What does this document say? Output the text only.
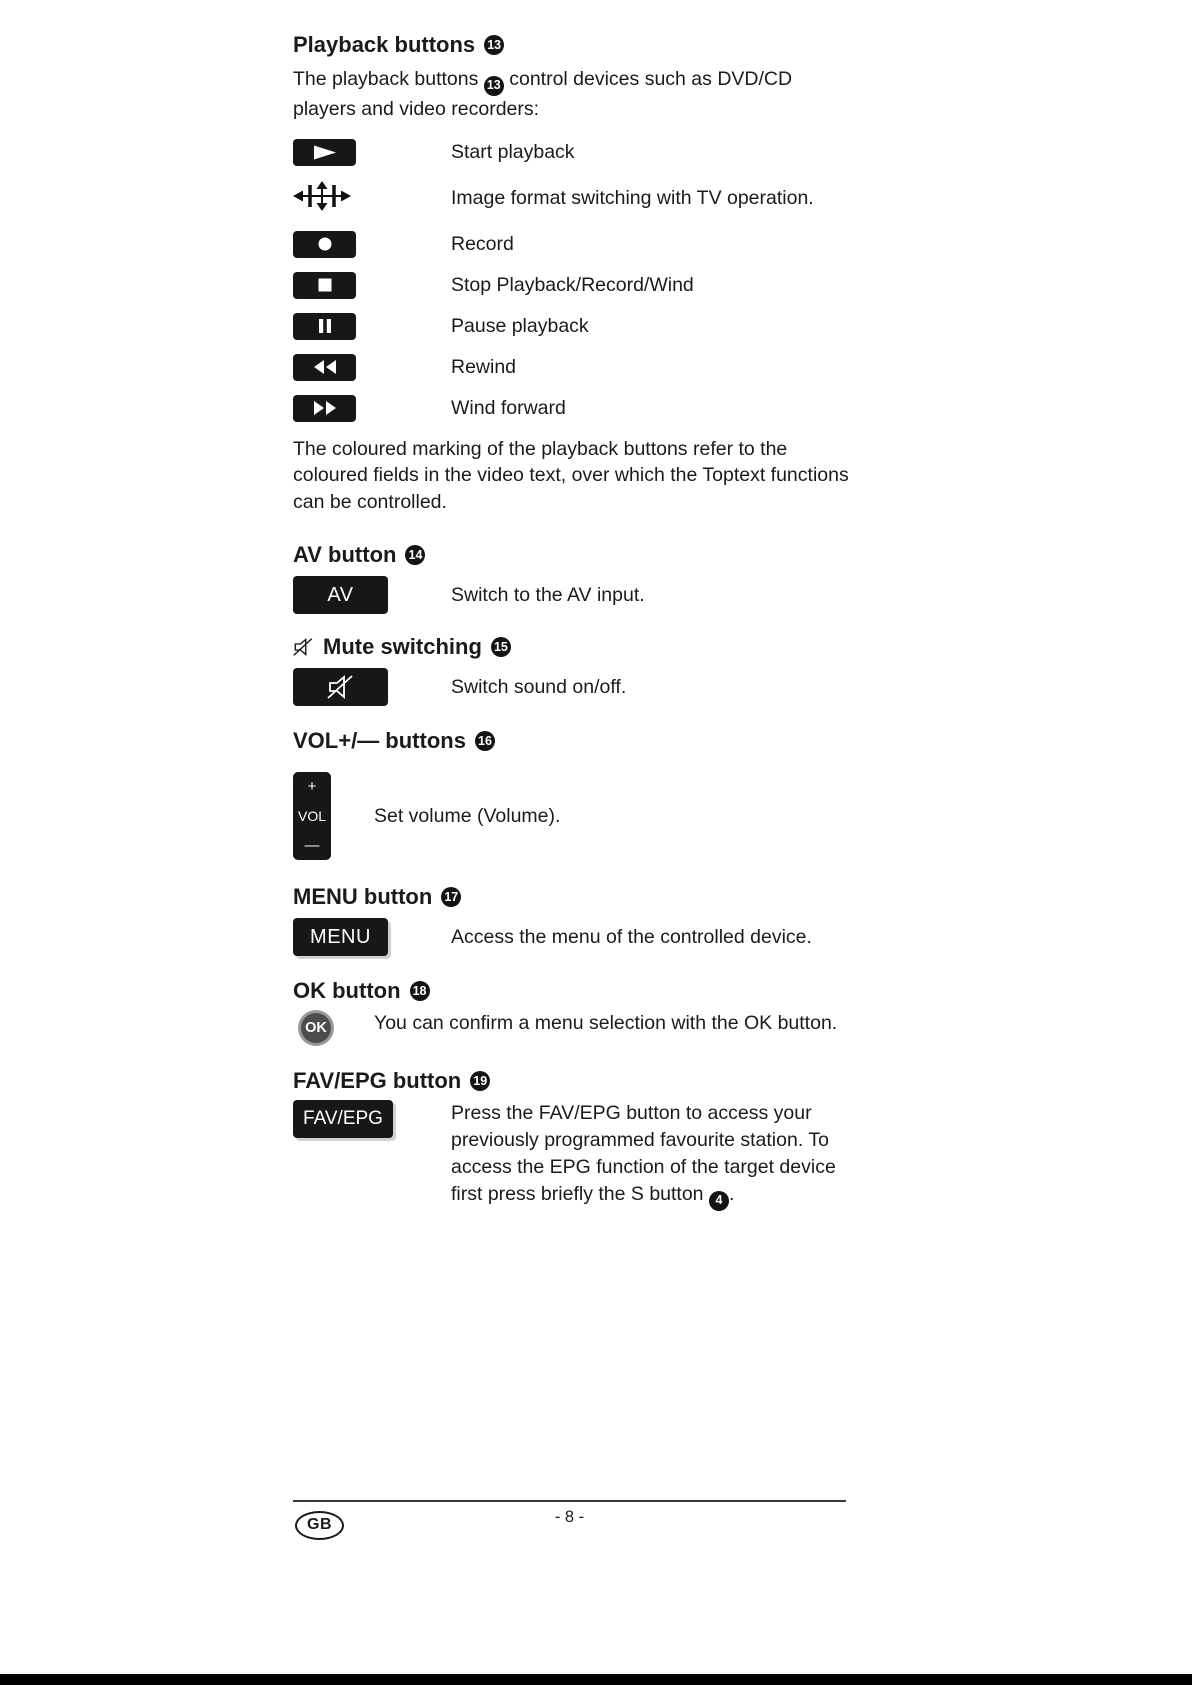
Playback buttons 13

The playback buttons 13 control devices such as DVD/CD players and video recorders:

Start playback
Image format switching with TV operation.
Record
Stop Playback/Record/Wind
Pause playback
Rewind
Wind forward

The coloured marking of the playback buttons refer to the coloured fields in the video text, over which the Toptext functions can be controlled.

AV button 14
AV	Switch to the AV input.
Mute switching 15
Switch sound on/off.
VOL+/— buttons 16
+
VOL
—
Set volume (Volume).
MENU button 17
MENU	Access the menu of the controlled device.
OK button 18
OK	You can confirm a menu selection with the OK button.
FAV/EPG button 19
FAV/EPG	Press the FAV/EPG button to access your previously programmed favourite station. To access the EPG function of the target device first press briefly the S button 4 .
GB	- 8 -
